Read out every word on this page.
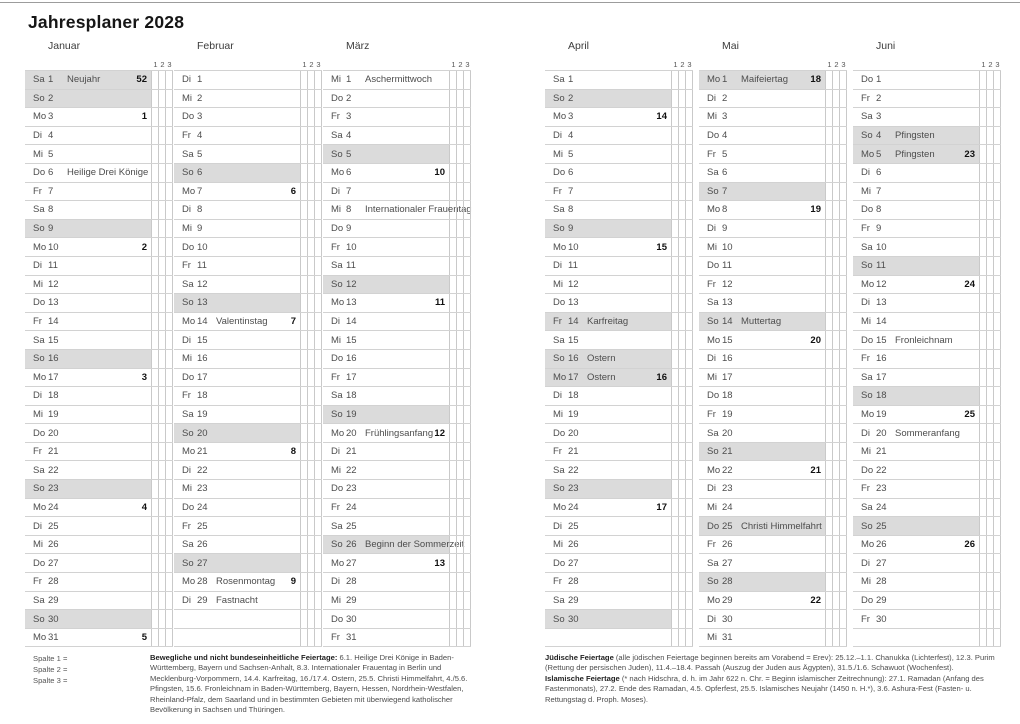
Jahresplaner 2028
Januar
1 2 3
Sa 1	Neujahr	52
So 2
Mo 3	1
Di 4
Mi 5
Do 6	Heilige Drei Könige
Fr 7
Sa 8
So 9
Mo 10	2
Di 11
Mi 12
Do 13
Fr 14
Sa 15
So 16
Mo 17	3
Di 18
Mi 19
Do 20
Fr 21
Sa 22
So 23
Mo 24	4
Di 25
Mi 26
Do 27
Fr 28
Sa 29
So 30
Mo 31	5
Februar
1 2 3
Di 1
Mi 2
Do 3
Fr 4
Sa 5
So 6
Mo 7	6
Di 8
Mi 9
Do 10
Fr 11
Sa 12
So 13
Mo 14 Valentinstag	7
Di 15
Mi 16
Do 17
Fr 18
Sa 19
So 20
Mo 21	8
Di 22
Mi 23
Do 24
Fr 25
Sa 26
So 27
Mo 28 Rosenmontag	9
Di 29 Fastnacht
März
1 2 3
Mi 1	Aschermittwoch
Do 2
Fr 3
Sa 4
So 5
Mo 6	10
Di 7
Mi 8	Internationaler Frauentag
Do 9
Fr 10
Sa 11
So 12
Mo 13	11
Di 14
Mi 15
Do 16
Fr 17
Sa 18
So 19
Mo 20 Frühlingsanfang 12
Di 21
Mi 22
Do 23
Fr 24
Sa 25
So 26 Beginn der Sommerzeit
Mo 27	13
Di 28
Mi 29
Do 30
Fr 31
April
1 2 3
Sa 1
So 2
Mo 3	14
Di 4
Mi 5
Do 6
Fr 7
Sa 8
So 9
Mo 10	15
Di 11
Mi 12
Do 13
Fr 14 Karfreitag
Sa 15
So 16 Ostern
Mo 17 Ostern	16
Di 18
Mi 19
Do 20
Fr 21
Sa 22
So 23
Mo 24	17
Di 25
Mi 26
Do 27
Fr 28
Sa 29
So 30
Mai
1 2 3
Mo 1	Maifeiertag	18
Di 2
Mi 3
Do 4
Fr 5
Sa 6
So 7
Mo 8	19
Di 9
Mi 10
Do 11
Fr 12
Sa 13
So 14 Muttertag
Mo 15	20
Di 16
Mi 17
Do 18
Fr 19
Sa 20
So 21
Mo 22	21
Di 23
Mi 24
Do 25 Christi Himmelfahrt
Fr 26
Sa 27
So 28
Mo 29	22
Di 30
Mi 31
Juni
1 2 3
Do 1
Fr 2
Sa 3
So 4	Pfingsten
Mo 5	Pfingsten	23
Di 6
Mi 7
Do 8
Fr 9
Sa 10
So 11
Mo 12	24
Di 13
Mi 14
Do 15 Fronleichnam
Fr 16
Sa 17
So 18
Mo 19	25
Di 20 Sommeranfang
Mi 21
Do 22
Fr 23
Sa 24
So 25
Mo 26	26
Di 27
Mi 28
Do 29
Fr 30
Spalte 1 =
Spalte 2 =
Spalte 3 =
Bewegliche und nicht bundeseinheitliche Feiertage: 6.1. Heilige Drei Könige in Baden-Württemberg, Bayern und Sachsen-Anhalt, 8.3. Internationaler Frauentag in Berlin und Mecklenburg-Vorpommern, 14.4. Karfreitag, 16./17.4. Ostern, 25.5. Christi Himmelfahrt, 4./5.6. Pfingsten, 15.6. Fronleichnam in Baden-Württemberg, Bayern, Hessen, Nordrhein-Westfalen, Rheinland-Pfalz, dem Saarland und in bestimmten Gebieten mit überwiegend katholischer Bevölkerung in Sachsen und Thüringen.

Jüdische Feiertage (alle jüdischen Feiertage beginnen bereits am Vorabend = Erev): 25.12.–1.1. Chanukka (Lichterfest), 12.3. Purim (Rettung der persischen Juden), 11.4.–18.4. Passah (Auszug der Juden aus Ägypten), 31.5./1.6. Schawuot (Wochenfest).

Islamische Feiertage (* nach Hidschra, d. h. im Jahr 622 n. Chr. = Beginn islamischer Zeitrechnung): 27.1. Ramadan (Anfang des Fastenmonats), 27.2. Ende des Ramadan, 4.5. Opferfest, 25.5. Islamisches Neujahr (1450 n. H.*), 3.6. Ashura-Fest (Fasten- u. Rettungstag d. Proph. Moses).
